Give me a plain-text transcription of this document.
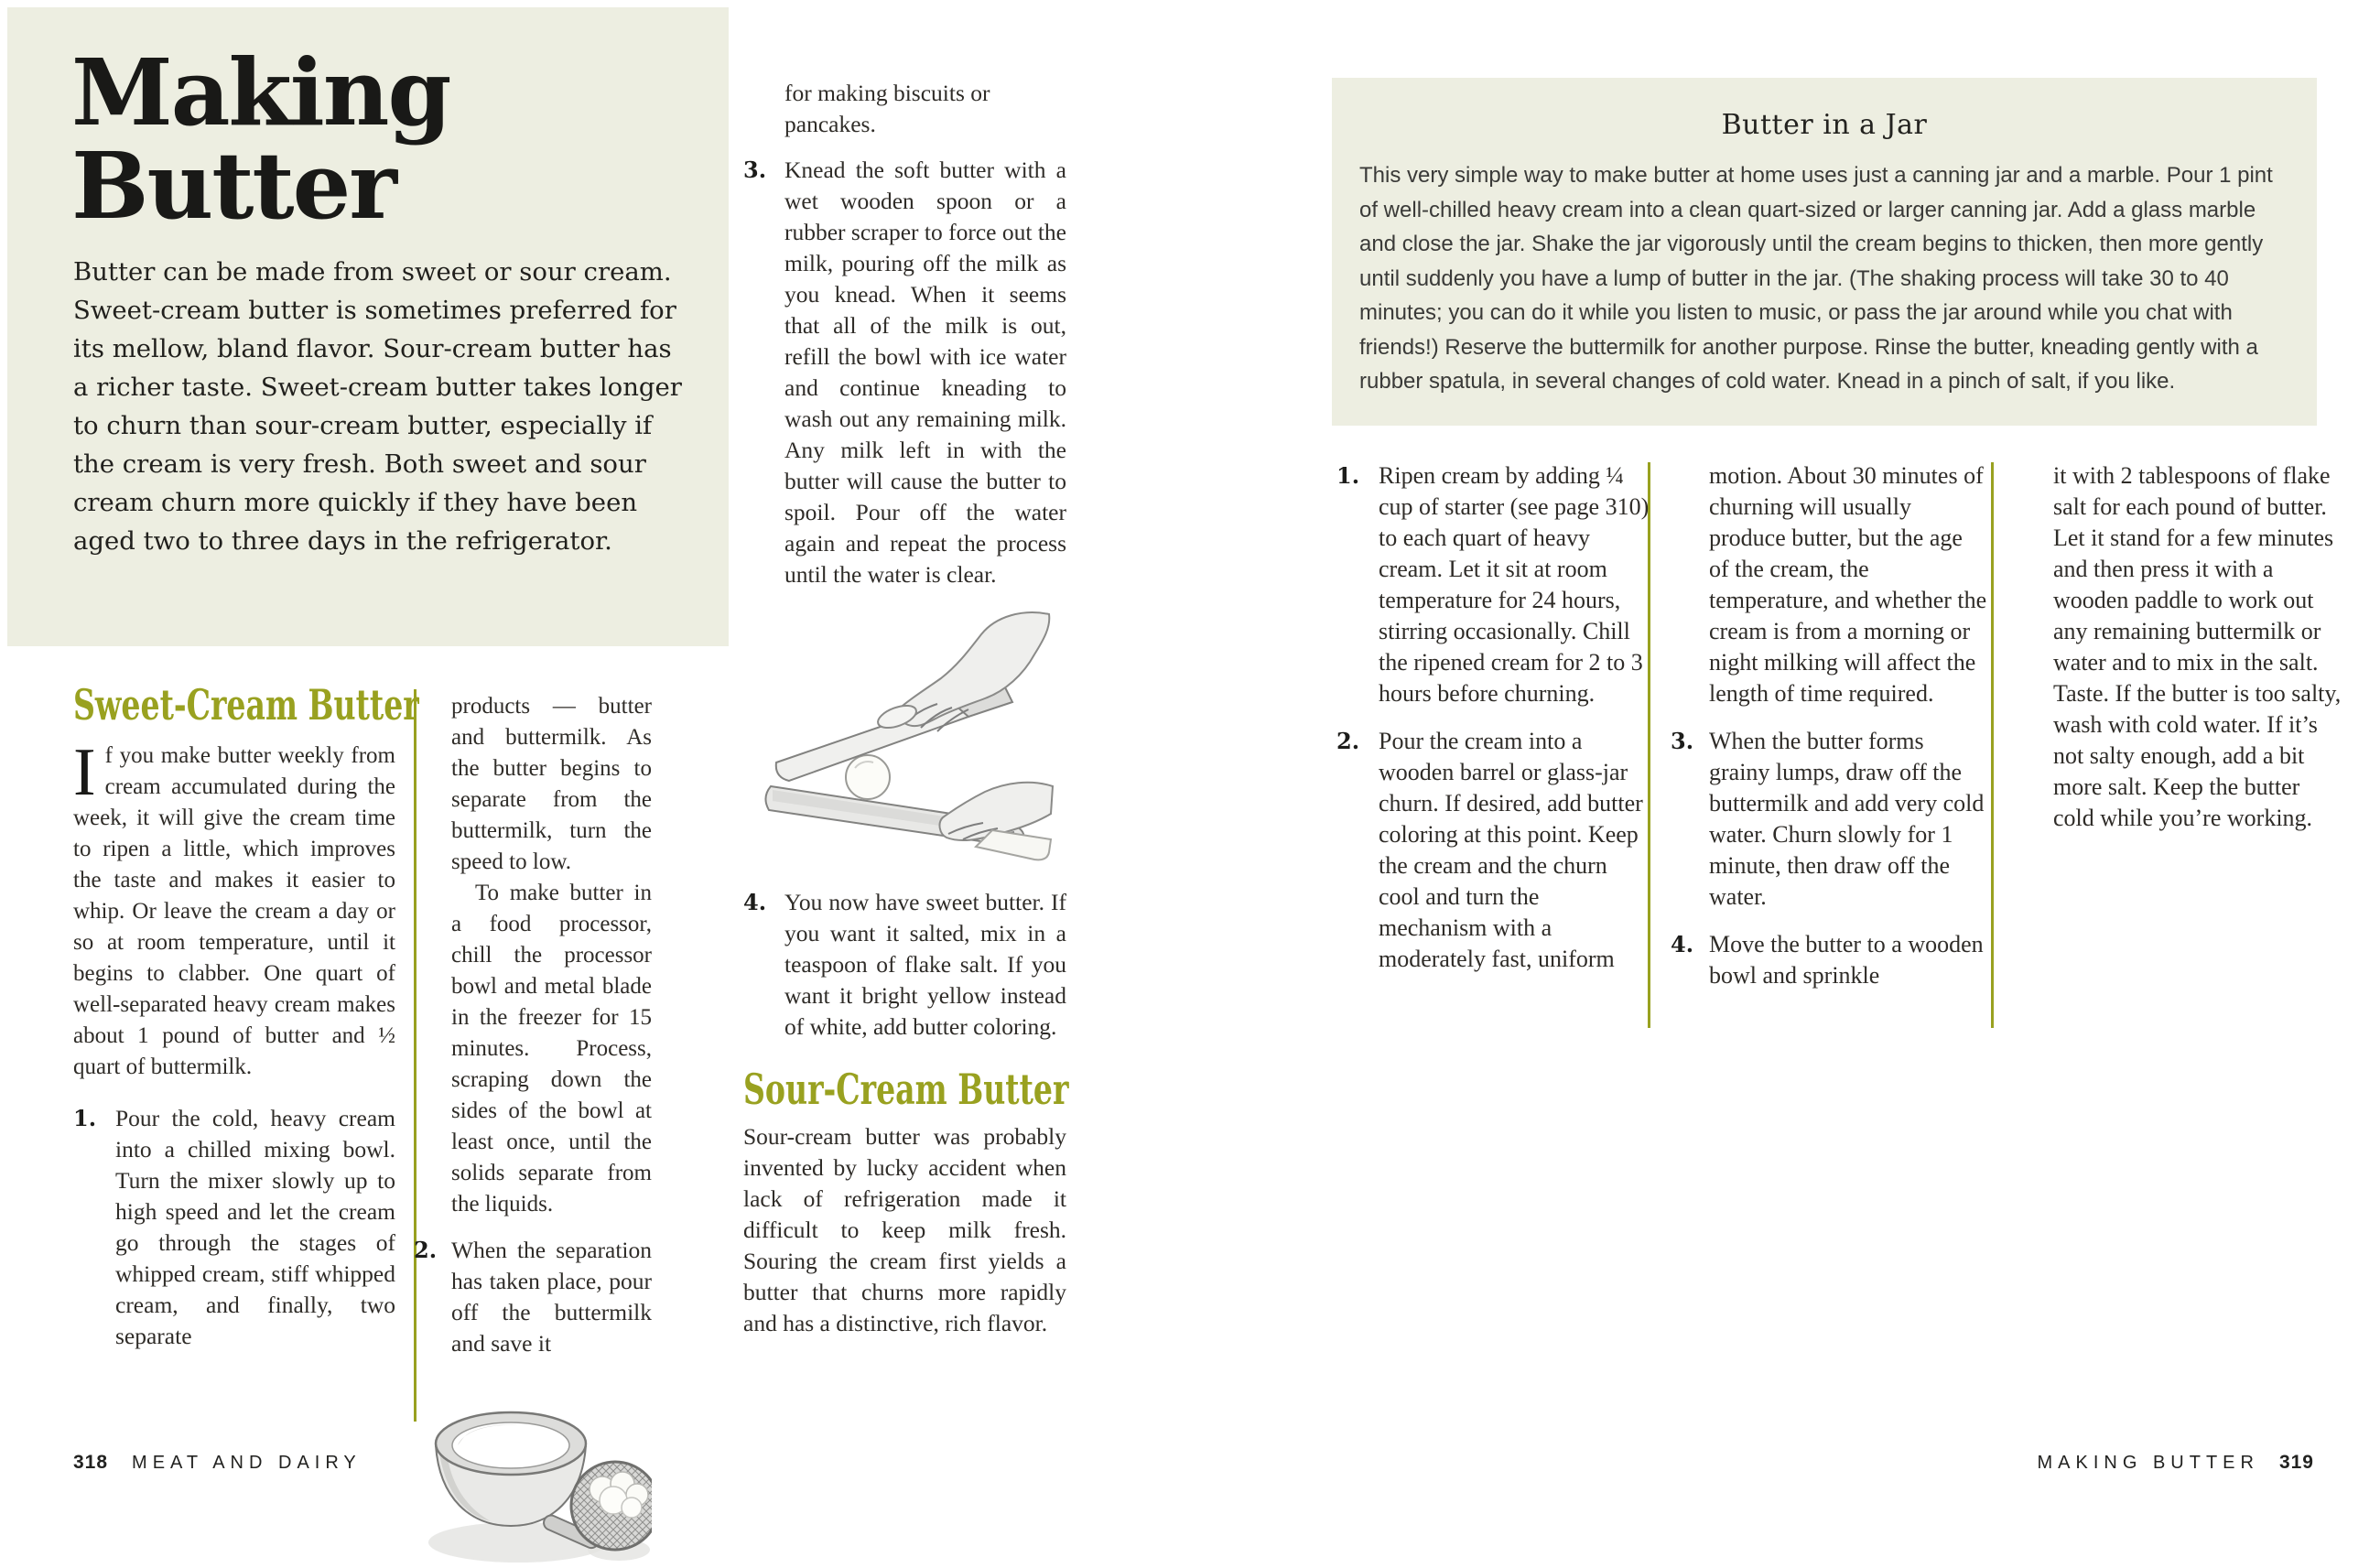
Making
Butter
Butter can be made from sweet or sour cream. Sweet-cream butter is sometimes preferred for its mellow, bland flavor. Sour-cream butter has a richer taste. Sweet-cream butter takes longer to churn than sour-cream butter, especially if the cream is very fresh. Both sweet and sour cream churn more quickly if they have been aged two to three days in the refrigerator.
Sweet-Cream Butter
If you make butter weekly from cream accumulated during the week, it will give the cream time to ripen a little, which improves the taste and makes it easier to whip. Or leave the cream a day or so at room temperature, until it begins to clabber. One quart of well-separated heavy cream makes about 1 pound of butter and ½ quart of buttermilk.
1. Pour the cold, heavy cream into a chilled mixing bowl. Turn the mixer slowly up to high speed and let the cream go through the stages of whipped cream, stiff whipped cream, and finally, two separate

products — butter and buttermilk. As the butter begins to separate from the buttermilk, turn the speed to low.

To make butter in a food processor, chill the processor bowl and metal blade in the freezer for 15 minutes. Process, scraping down the sides of the bowl at least once, until the solids separate from the liquids.

2. When the separation has taken place, pour off the buttermilk and save it
for making biscuits or pancakes.
3. Knead the soft butter with a wet wooden spoon or a rubber scraper to force out the milk, pouring off the milk as you knead. When it seems that all of the milk is out, refill the bowl with ice water and continue kneading to wash out any remaining milk. Any milk left in with the butter will cause the butter to spoil. Pour off the water again and repeat the process until the water is clear.
4. You now have sweet butter. If you want it salted, mix in a teaspoon of flake salt. If you want it bright yellow instead of white, add butter coloring.
Sour-Cream Butter
Sour-cream butter was probably invented by lucky accident when lack of refrigeration made it difficult to keep milk fresh. Souring the cream first yields a butter that churns more rapidly and has a distinctive, rich flavor.
Butter in a Jar
This very simple way to make butter at home uses just a canning jar and a marble. Pour 1 pint of well-chilled heavy cream into a clean quart-sized or larger canning jar. Add a glass marble and close the jar. Shake the jar vigorously until the cream begins to thicken, then more gently until suddenly you have a lump of butter in the jar. (The shaking process will take 30 to 40 minutes; you can do it while you listen to music, or pass the jar around while you chat with friends!) Reserve the buttermilk for another purpose. Rinse the butter, kneading gently with a rubber spatula, in several changes of cold water. Knead in a pinch of salt, if you like.
1. Ripen cream by adding ¼ cup of starter (see page 310) to each quart of heavy cream. Let it sit at room temperature for 24 hours, stirring occasionally. Chill the ripened cream for 2 to 3 hours before churning.
2. Pour the cream into a wooden barrel or glass-jar churn. If desired, add butter coloring at this point. Keep the cream and the churn cool and turn the mechanism with a moderately fast, uniform
motion. About 30 minutes of churning will usually produce butter, but the age of the cream, the temperature, and whether the cream is from a morning or night milking will affect the length of time required.
3. When the butter forms grainy lumps, draw off the buttermilk and add very cold water. Churn slowly for 1 minute, then draw off the water.
4. Move the butter to a wooden bowl and sprinkle
it with 2 tablespoons of flake salt for each pound of butter. Let it stand for a few minutes and then press it with a wooden paddle to work out any remaining buttermilk or water and to mix in the salt. Taste. If the butter is too salty, wash with cold water. If it’s not salty enough, add a bit more salt. Keep the butter cold while you’re working.
318 MEAT AND DAIRY	MAKING BUTTER 319
